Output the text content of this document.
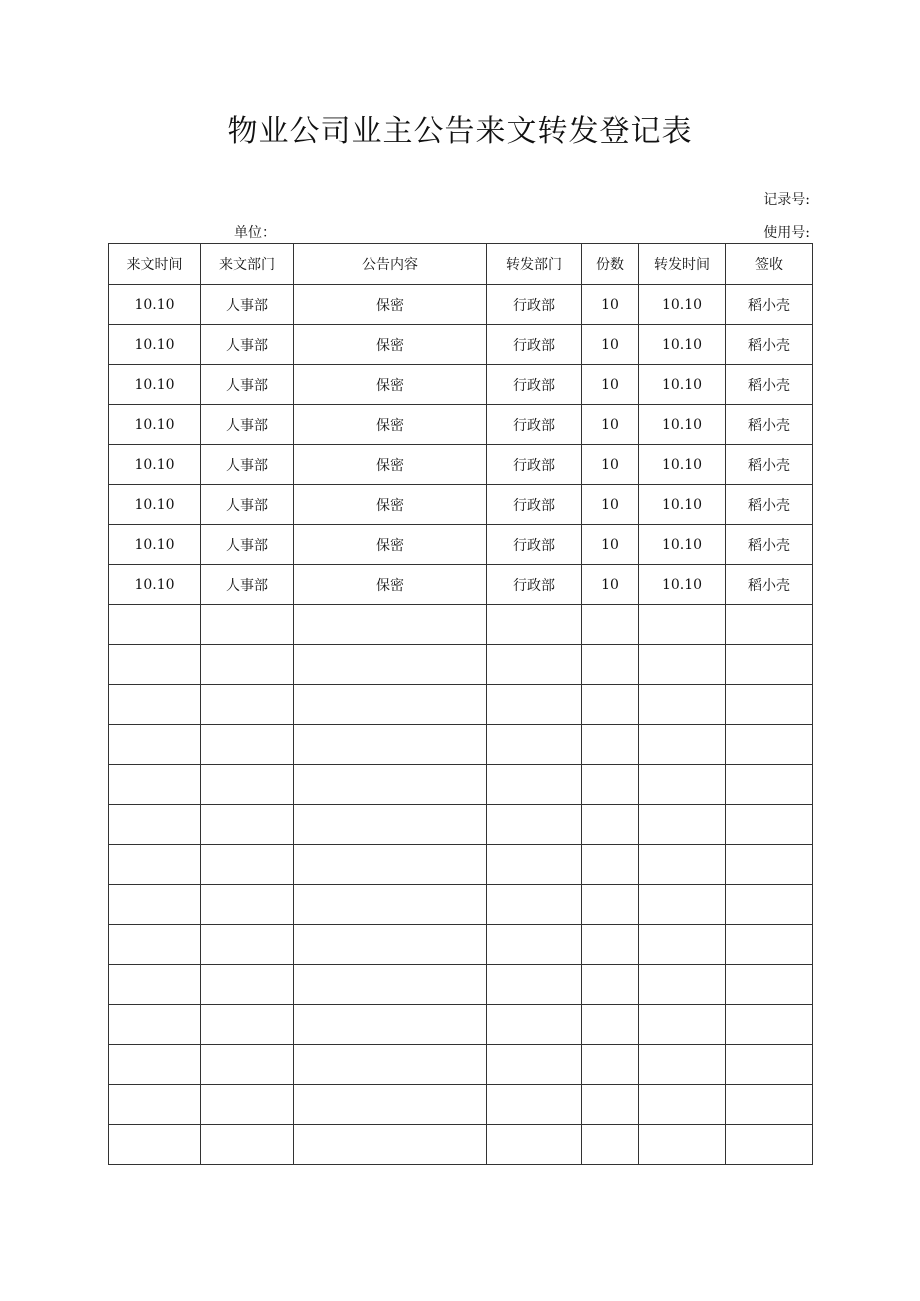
物业公司业主公告来文转发登记表
记录号:
单位：	使用号:
来文时间	来文部门	公告内容	转发部门	份数	转发时间	签收
10.10	人事部	保密	行政部	10	10.10	稻小壳
10.10	人事部	保密	行政部	10	10.10	稻小壳
10.10	人事部	保密	行政部	10	10.10	稻小壳
10.10	人事部	保密	行政部	10	10.10	稻小壳
10.10	人事部	保密	行政部	10	10.10	稻小壳
10.10	人事部	保密	行政部	10	10.10	稻小壳
10.10	人事部	保密	行政部	10	10.10	稻小壳
10.10	人事部	保密	行政部	10	10.10	稻小壳
